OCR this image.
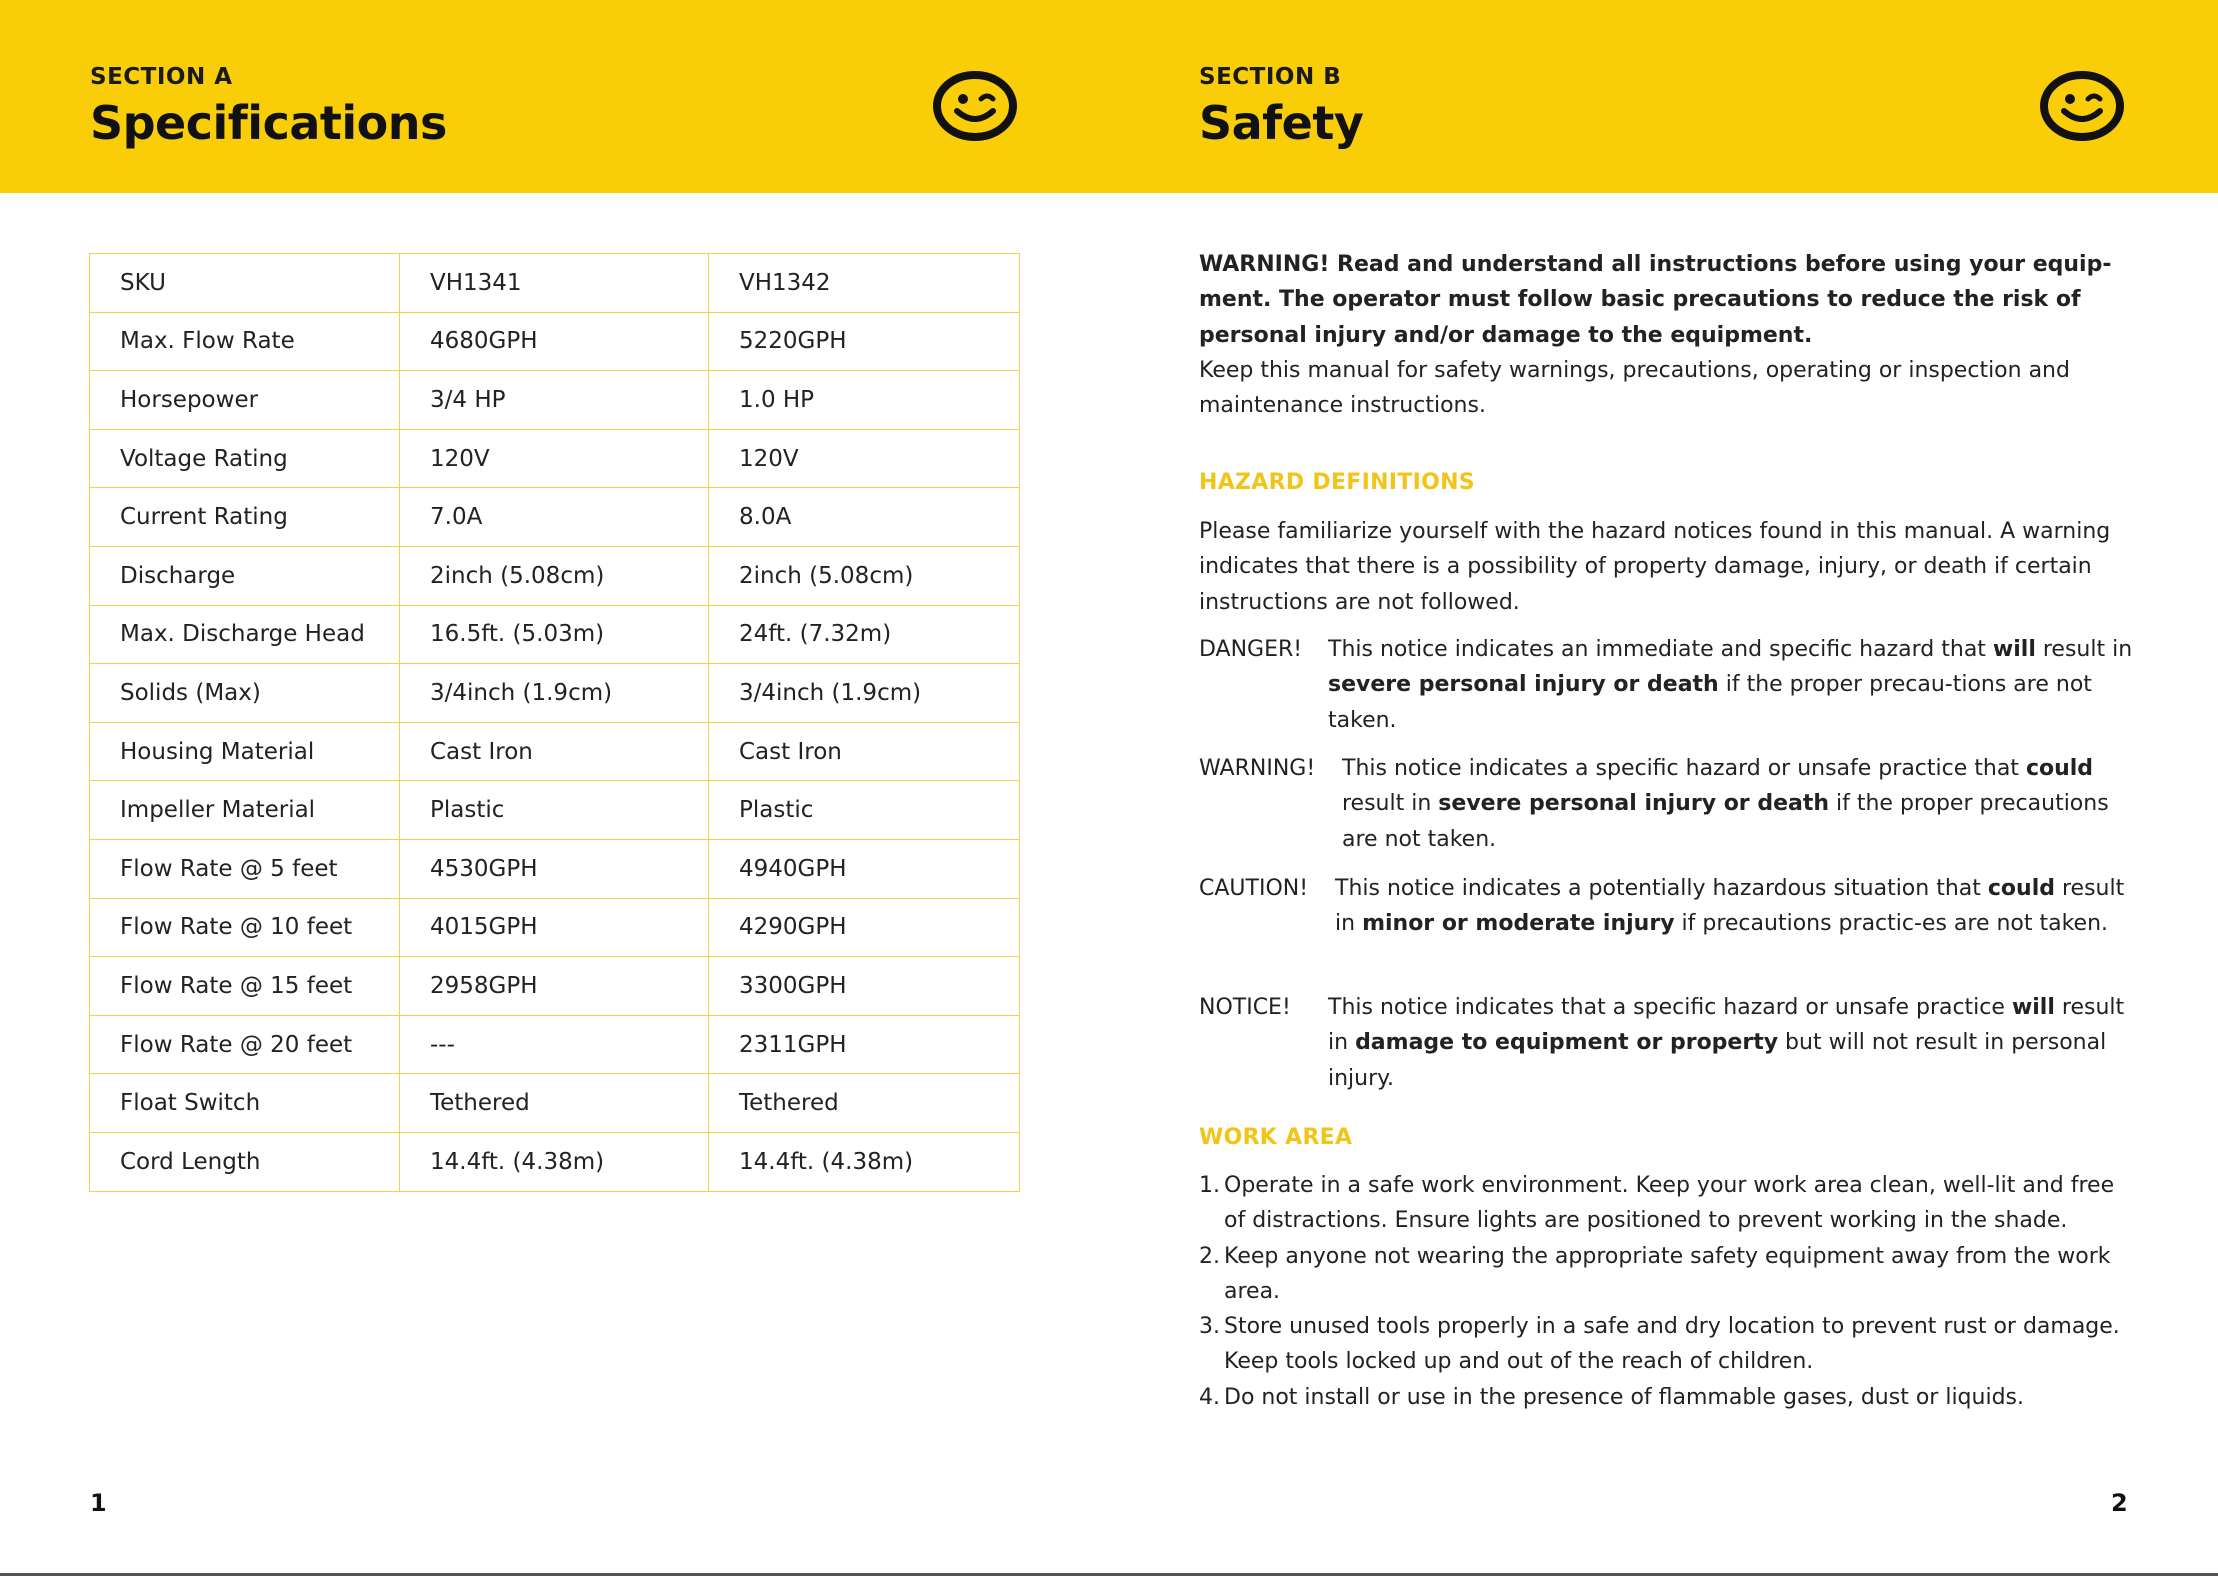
SECTION A
Specifications
SKU	VH1341	VH1342
Max. Flow Rate	4680GPH	5220GPH
Horsepower	3/4 HP	1.0 HP
Voltage Rating	120V	120V
Current Rating	7.0A	8.0A
Discharge	2inch (5.08cm)	2inch (5.08cm)
Max. Discharge Head	16.5ft. (5.03m)	24ft. (7.32m)
Solids (Max)	3/4inch (1.9cm)	3/4inch (1.9cm)
Housing Material	Cast Iron	Cast Iron
Impeller Material	Plastic	Plastic
Flow Rate @ 5 feet	4530GPH	4940GPH
Flow Rate @ 10 feet	4015GPH	4290GPH
Flow Rate @ 15 feet	2958GPH	3300GPH
Flow Rate @ 20 feet	---	2311GPH
Float Switch	Tethered	Tethered
Cord Length	14.4ft. (4.38m)	14.4ft. (4.38m)
1
SECTION B
Safety
WARNING! Read and understand all instructions before using your equip-ment. The operator must follow basic precautions to reduce the risk of personal injury and/or damage to the equipment.
Keep this manual for safety warnings, precautions, operating or inspection and maintenance instructions.
HAZARD DEFINITIONS
Please familiarize yourself with the hazard notices found in this manual. A warning indicates that there is a possibility of property damage, injury, or death if certain instructions are not followed.
DANGER! This notice indicates an immediate and specific hazard that will result in severe personal injury or death if the proper precau-tions are not taken.
WARNING! This notice indicates a specific hazard or unsafe practice that could result in severe personal injury or death if the proper precautions are not taken.
CAUTION! This notice indicates a potentially hazardous situation that could result in minor or moderate injury if precautions practic-es are not taken.
NOTICE! This notice indicates that a specific hazard or unsafe practice will result in damage to equipment or property but will not result in personal injury.
WORK AREA
1. Operate in a safe work environment. Keep your work area clean, well-lit and free of distractions. Ensure lights are positioned to prevent working in the shade.
2. Keep anyone not wearing the appropriate safety equipment away from the work area.
3. Store unused tools properly in a safe and dry location to prevent rust or damage. Keep tools locked up and out of the reach of children.
4. Do not install or use in the presence of flammable gases, dust or liquids.
2
